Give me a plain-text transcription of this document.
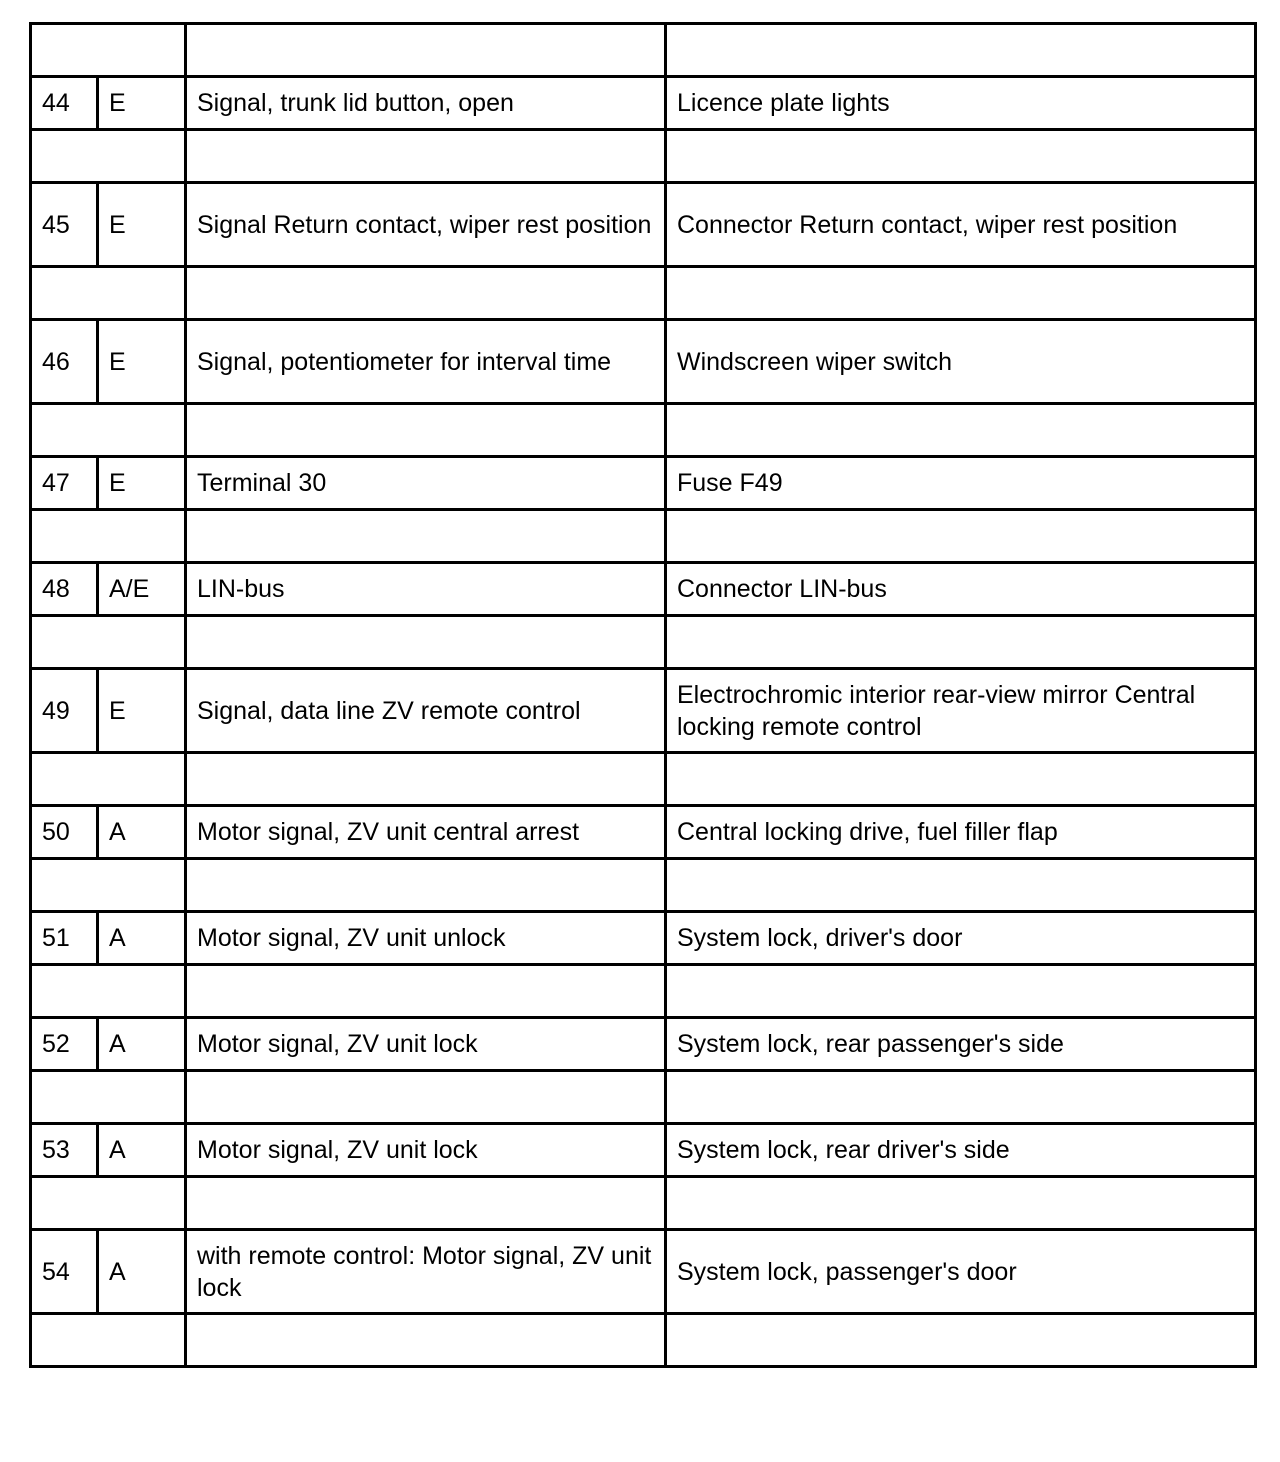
44	E	Signal, trunk lid button, open	Licence plate lights

45	E	Signal Return contact, wiper rest position	Connector Return contact, wiper rest position

46	E	Signal, potentiometer for interval time	Windscreen wiper switch

47	E	Terminal 30	Fuse F49

48	A/E	LIN-bus	Connector LIN-bus

49	E	Signal, data line ZV remote control	Electrochromic interior rear-view mirror Central locking remote control

50	A	Motor signal, ZV unit central arrest	Central locking drive, fuel filler flap

51	A	Motor signal, ZV unit unlock	System lock, driver's door

52	A	Motor signal, ZV unit lock	System lock, rear passenger's side

53	A	Motor signal, ZV unit lock	System lock, rear driver's side

54	A	with remote control: Motor signal, ZV unit lock	System lock, passenger's door
